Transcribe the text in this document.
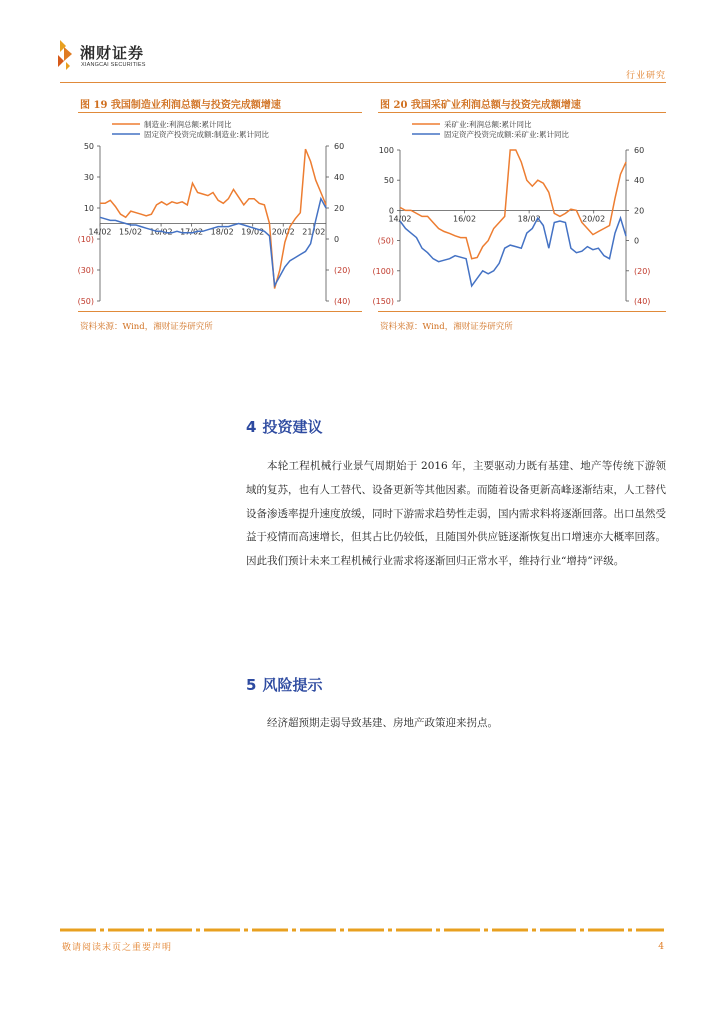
湘财证券
XIANGCAI SECURITIES
行业研究
图 19 我国制造业利润总额与投资完成额增速
50
30
10
(10)
(30)
(50)
60
40
20
0
(20)
(40)
14/02 15/02 16/02 17/02 18/02 19/02 20/02 21/02
制造业:利润总额:累计同比
固定资产投资完成额:制造业:累计同比
资料来源：Wind，湘财证券研究所
图 20 我国采矿业利润总额与投资完成额增速
100
50
0
(50)
(100)
(150)
60
40
20
0
(20)
(40)
14/02	16/02	18/02	20/02
采矿业:利润总额:累计同比
固定资产投资完成额:采矿业:累计同比
资料来源：Wind，湘财证券研究所
4 投资建议

本轮工程机械行业景气周期始于 2016 年，主要驱动力既有基建、地产等传统下游领域的复苏，也有人工替代、设备更新等其他因素。而随着设备更新高峰逐渐结束，人工替代设备渗透率提升速度放缓，同时下游需求趋势性走弱，国内需求料将逐渐回落。出口虽然受益于疫情而高速增长，但其占比仍较低，且随国外供应链逐渐恢复出口增速亦大概率回落。因此我们预计未来工程机械行业需求将逐渐回归正常水平，维持行业“增持”评级。

5 风险提示

经济超预期走弱导致基建、房地产政策迎来拐点。

敬请阅读末页之重要声明	4
